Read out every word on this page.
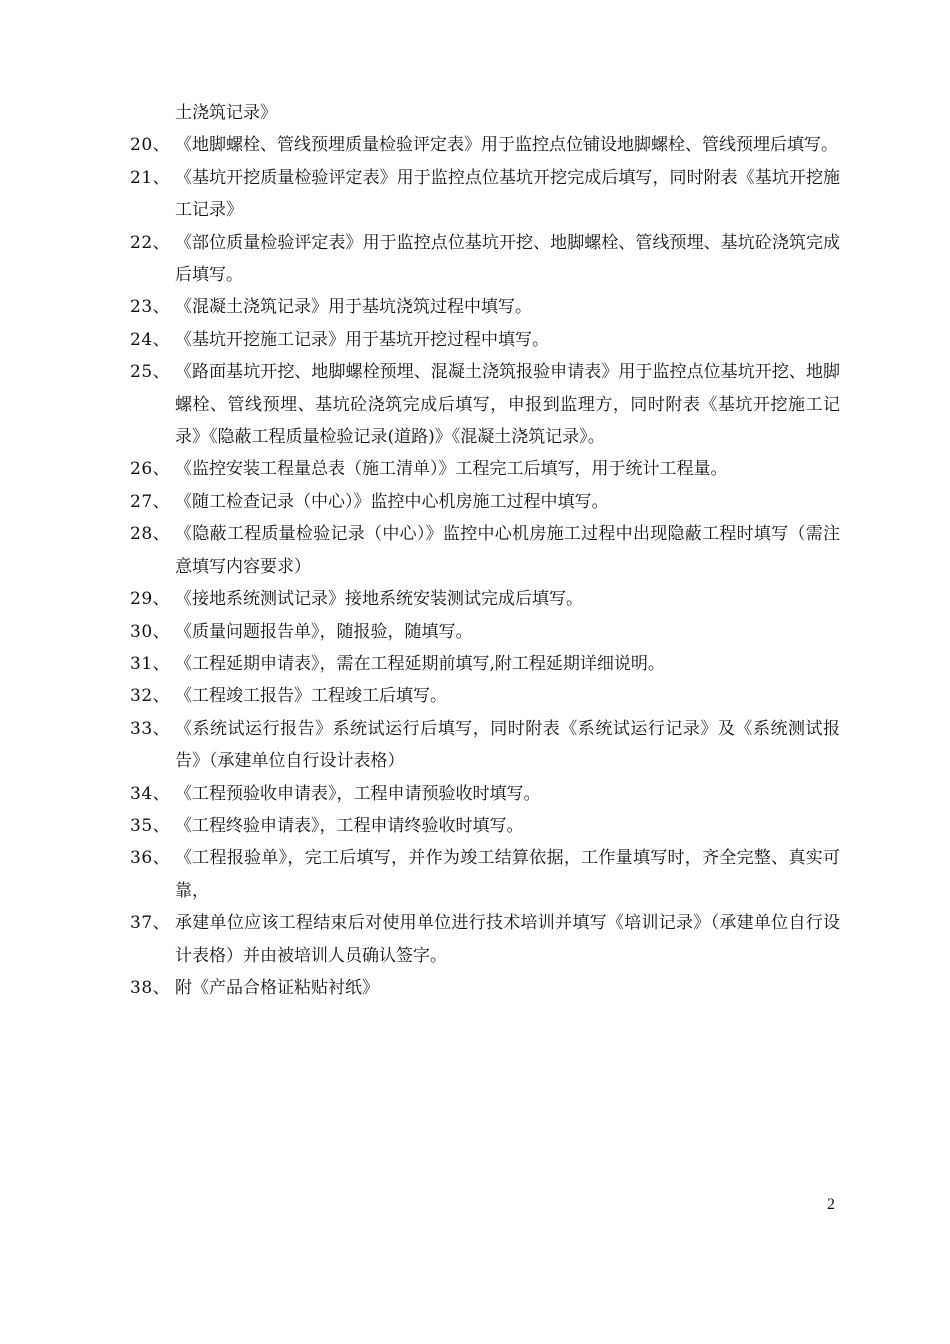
土浇筑记录》
20、 《地脚螺栓、管线预埋质量检验评定表》用于监控点位铺设地脚螺栓、管线预埋后填写。
21、 《基坑开挖质量检验评定表》用于监控点位基坑开挖完成后填写，同时附表《基坑开挖施工记录》
22、 《部位质量检验评定表》用于监控点位基坑开挖、地脚螺栓、管线预埋、基坑砼浇筑完成后填写。
23、 《混凝土浇筑记录》用于基坑浇筑过程中填写。
24、 《基坑开挖施工记录》用于基坑开挖过程中填写。
25、 《路面基坑开挖、地脚螺栓预埋、混凝土浇筑报验申请表》用于监控点位基坑开挖、地脚螺栓、管线预埋、基坑砼浇筑完成后填写，申报到监理方，同时附表《基坑开挖施工记录》《隐蔽工程质量检验记录(道路)》《混凝土浇筑记录》。
26、 《监控安装工程量总表（施工清单）》工程完工后填写，用于统计工程量。
27、 《随工检查记录（中心）》监控中心机房施工过程中填写。
28、 《隐蔽工程质量检验记录（中心）》监控中心机房施工过程中出现隐蔽工程时填写（需注意填写内容要求）
29、 《接地系统测试记录》接地系统安装测试完成后填写。
30、 《质量问题报告单》，随报验，随填写。
31、 《工程延期申请表》，需在工程延期前填写,附工程延期详细说明。
32、 《工程竣工报告》工程竣工后填写。
33、 《系统试运行报告》系统试运行后填写，同时附表《系统试运行记录》及《系统测试报告》（承建单位自行设计表格）
34、 《工程预验收申请表》，工程申请预验收时填写。
35、 《工程终验申请表》，工程申请终验收时填写。
36、 《工程报验单》，完工后填写，并作为竣工结算依据，工作量填写时，齐全完整、真实可靠，
37、 承建单位应该工程结束后对使用单位进行技术培训并填写《培训记录》（承建单位自行设计表格）并由被培训人员确认签字。
38、 附《产品合格证粘贴衬纸》
2
